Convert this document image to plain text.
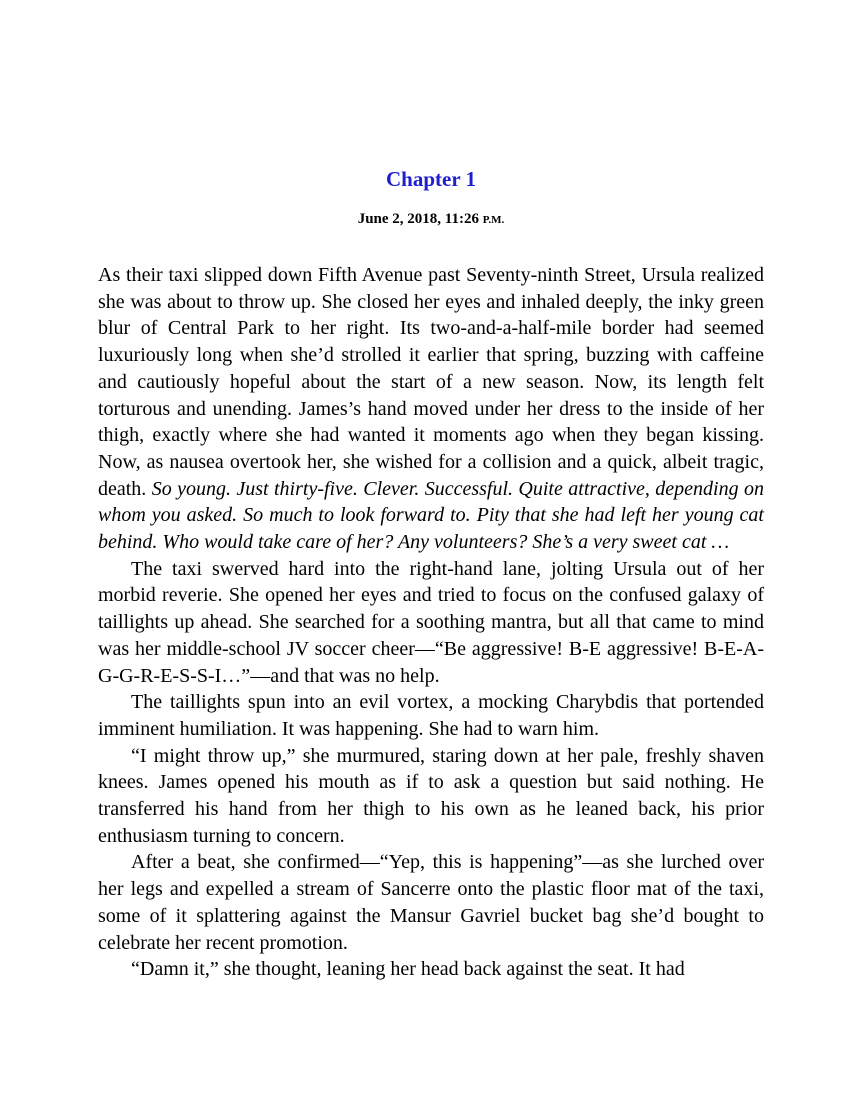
Chapter 1
June 2, 2018, 11:26 P.M.

As their taxi slipped down Fifth Avenue past Seventy-ninth Street, Ursula realized she was about to throw up. She closed her eyes and inhaled deeply, the inky green blur of Central Park to her right. Its two-and-a-half-mile border had seemed luxuriously long when she’d strolled it earlier that spring, buzzing with caffeine and cautiously hopeful about the start of a new season. Now, its length felt torturous and unending. James’s hand moved under her dress to the inside of her thigh, exactly where she had wanted it moments ago when they began kissing. Now, as nausea overtook her, she wished for a collision and a quick, albeit tragic, death. So young. Just thirty-five. Clever. Successful. Quite attractive, depending on whom you asked. So much to look forward to. Pity that she had left her young cat behind. Who would take care of her? Any volunteers? She’s a very sweet cat …

The taxi swerved hard into the right-hand lane, jolting Ursula out of her morbid reverie. She opened her eyes and tried to focus on the confused galaxy of taillights up ahead. She searched for a soothing mantra, but all that came to mind was her middle-school JV soccer cheer—“Be aggressive! B-E aggressive! B-E-A-G-G-R-E-S-S-I…”—and that was no help.

The taillights spun into an evil vortex, a mocking Charybdis that portended imminent humiliation. It was happening. She had to warn him.

“I might throw up,” she murmured, staring down at her pale, freshly shaven knees. James opened his mouth as if to ask a question but said nothing. He transferred his hand from her thigh to his own as he leaned back, his prior enthusiasm turning to concern.

After a beat, she confirmed—“Yep, this is happening”—as she lurched over her legs and expelled a stream of Sancerre onto the plastic floor mat of the taxi, some of it splattering against the Mansur Gavriel bucket bag she’d bought to celebrate her recent promotion.

“Damn it,” she thought, leaning her head back against the seat. It had
